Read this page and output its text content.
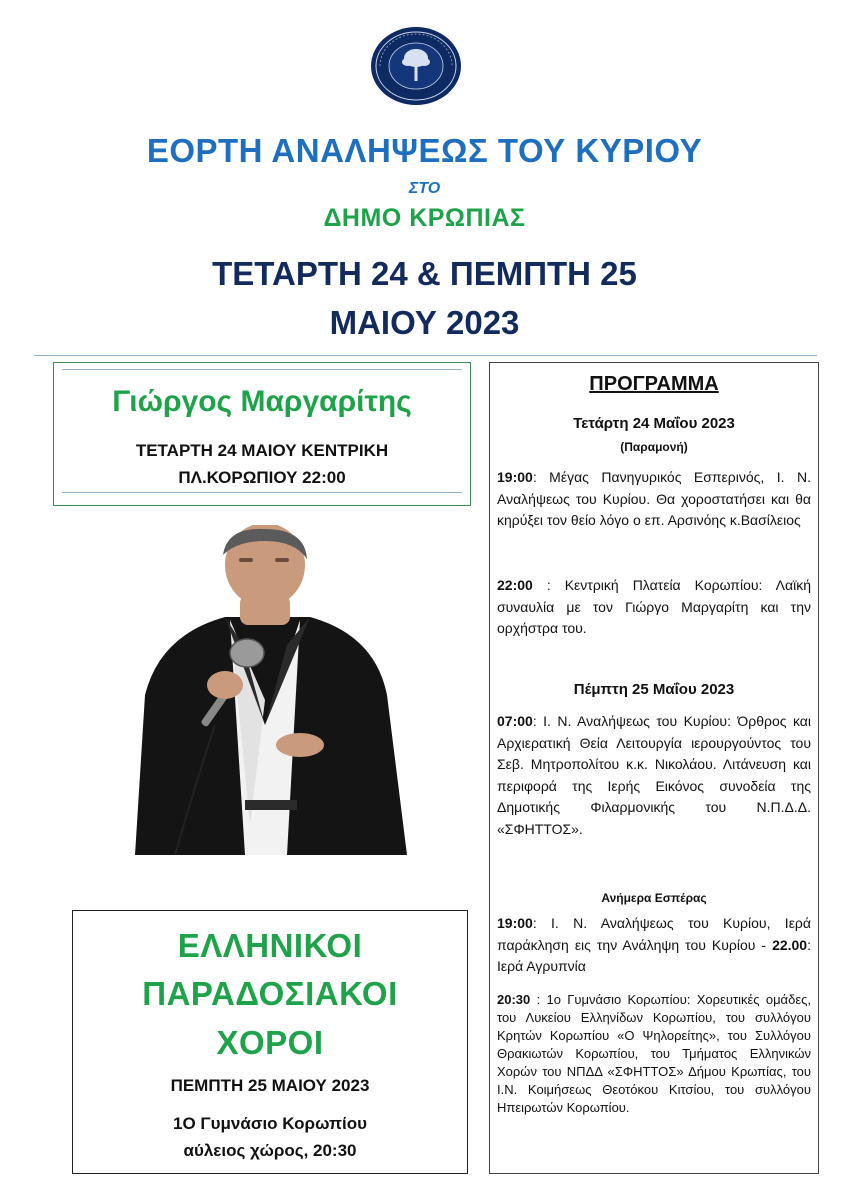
ΕΟΡΤΗ ΑΝΑΛΗΨΕΩΣ ΤΟΥ ΚΥΡΙΟΥ
ΣΤΟ
ΔΗΜΟ ΚΡΩΠΙΑΣ
ΤΕΤΑΡΤΗ 24 & ΠΕΜΠΤΗ 25
ΜΑΙΟΥ 2023
Γιώργος Μαργαρίτης
ΤΕΤΑΡΤΗ 24 ΜΑΙΟΥ ΚΕΝΤΡΙΚΗ
ΠΛ.ΚΟΡΩΠΙΟΥ 22:00
ΕΛΛΗΝΙΚΟΙ
ΠΑΡΑΔΟΣΙΑΚΟΙ
ΧΟΡΟΙ
ΠΕΜΠΤΗ 25 ΜΑΙΟΥ 2023
1Ο Γυμνάσιο Κορωπίου
αύλειος χώρος, 20:30
ΠΡΟΓΡΑΜΜΑ
Τετάρτη 24 Μαΐου 2023
(Παραμονή)
19:00: Μέγας Πανηγυρικός Εσπερινός, Ι. Ν. Αναλήψεως του Κυρίου. Θα χοροστατήσει και θα κηρύξει τον θείο λόγο ο επ. Αρσινόης κ.Βασίλειος
22:00 : Κεντρική Πλατεία Κορωπίου: Λαϊκή συναυλία με τον Γιώργο Μαργαρίτη και την ορχήστρα του.
Πέμπτη 25 Μαΐου 2023
07:00: Ι. Ν. Αναλήψεως του Κυρίου: Όρθρος και Αρχιερατική Θεία Λειτουργία ιερουργούντος του Σεβ. Μητροπολίτου κ.κ. Νικολάου. Λιτάνευση και περιφορά της Ιερής Εικόνος συνοδεία της Δημοτικής Φιλαρμονικής του Ν.Π.Δ.Δ. «ΣΦΗΤΤΟΣ».
Ανήμερα Εσπέρας
19:00: Ι. Ν. Αναλήψεως του Κυρίου, Ιερά παράκληση εις την Ανάληψη του Κυρίου - 22.00: Ιερά Αγρυπνία
20:30 : 1ο Γυμνάσιο Κορωπίου: Χορευτικές ομάδες, του Λυκείου Ελληνίδων Κορωπίου, του συλλόγου Κρητών Κορωπίου «Ο Ψηλορείτης», του Συλλόγου Θρακιωτών Κορωπίου, του Τμήματος Ελληνικών Χορών του ΝΠΔΔ «ΣΦΗΤΤΟΣ» Δήμου Κρωπίας, του Ι.Ν. Κοιμήσεως Θεοτόκου Κιτσίου, του συλλόγου Ηπειρωτών Κορωπίου.
